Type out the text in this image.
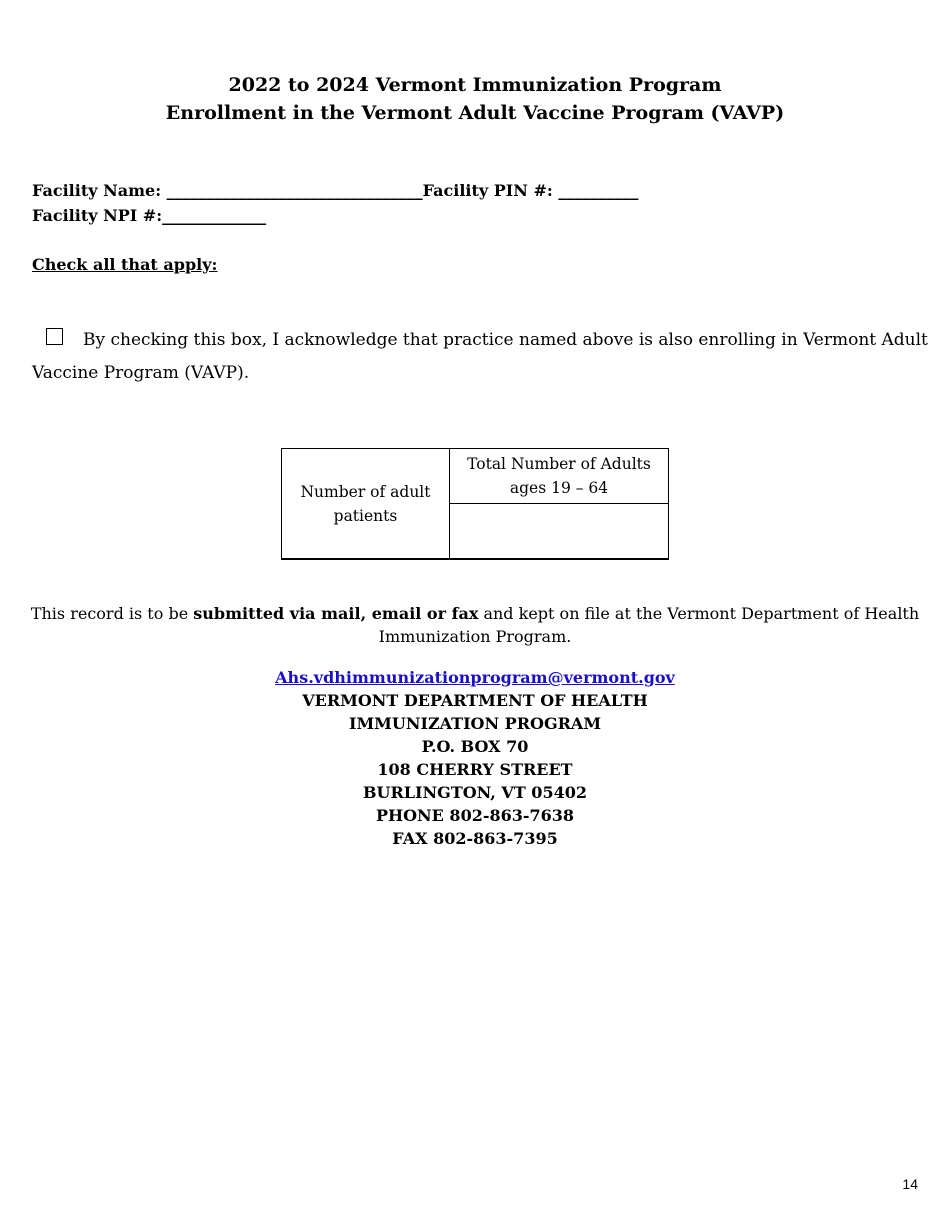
2022 to 2024 Vermont Immunization Program
Enrollment in the Vermont Adult Vaccine Program (VAVP)
Facility Name: ________________________________Facility PIN #: __________
Facility NPI #:_____________
Check all that apply:
By checking this box, I acknowledge that practice named above is also enrolling in Vermont Adult
Vaccine Program (VAVP).
Number of adult patients
Total Number of Adults ages 19 – 64
This record is to be submitted via mail, email or fax and kept on file at the Vermont Department of Health Immunization Program.
Ahs.vdhimmunizationprogram@vermont.gov
VERMONT DEPARTMENT OF HEALTH
IMMUNIZATION PROGRAM
P.O. BOX 70
108 CHERRY STREET
BURLINGTON, VT 05402
PHONE 802-863-7638
FAX 802-863-7395
14
